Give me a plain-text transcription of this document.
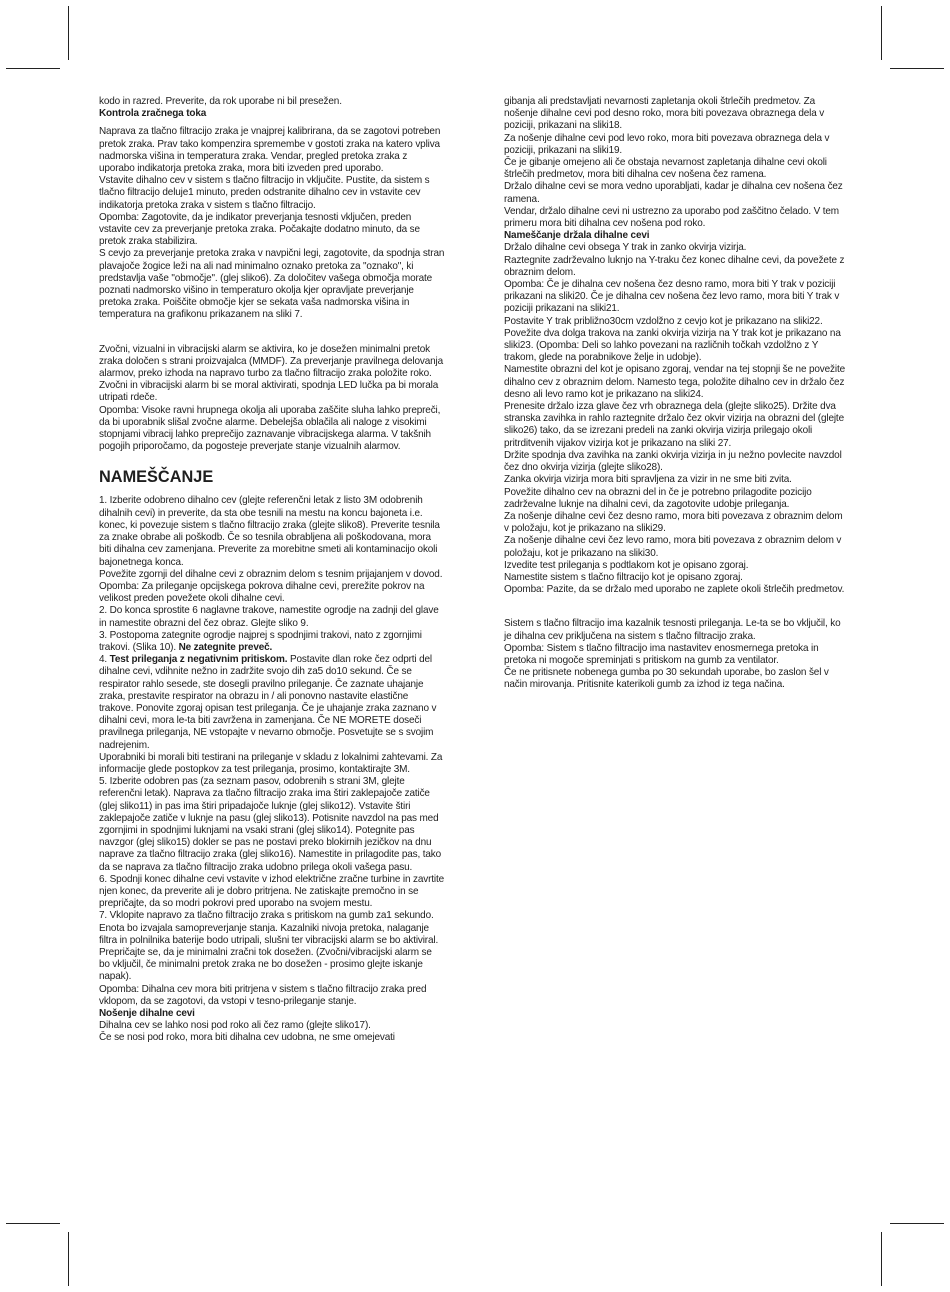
kodo in razred. Preverite, da rok uporabe ni bil presežen.

Kontrola zračnega toka

Naprava za tlačno filtracijo zraka je vnajprej kalibrirana, da se zagotovi potreben pretok zraka. Prav tako kompenzira spremembe v gostoti zraka na katero vpliva nadmorska višina in temperatura zraka. Vendar, pregled pretoka zraka z uporabo indikatorja pretoka zraka, mora biti izveden pred uporabo.

Vstavite dihalno cev v sistem s tlačno filtracijo in vključite. Pustite, da sistem s tlačno filtracijo deluje1 minuto, preden odstranite dihalno cev in vstavite cev indikatorja pretoka zraka v sistem s tlačno filtracijo.

Opomba: Zagotovite, da je indikator preverjanja tesnosti vključen, preden vstavite cev za preverjanje pretoka zraka. Počakajte dodatno minuto, da se pretok zraka stabilizira.

S cevjo za preverjanje pretoka zraka v navpični legi, zagotovite, da spodnja stran plavajoče žogice leži na ali nad minimalno oznako pretoka za "oznako", ki predstavlja vaše "območje". (glej sliko6). Za določitev vašega območja morate poznati nadmorsko višino in temperaturo okolja kjer opravljate preverjanje pretoka zraka. Poiščite območje kjer se sekata vaša nadmorska višina in temperatura na grafikonu prikazanem na sliki 7.

Zvočni, vizualni in vibracijski alarm se aktivira, ko je dosežen minimalni pretok zraka določen s strani proizvajalca (MMDF). Za preverjanje pravilnega delovanja alarmov, preko izhoda na napravo turbo za tlačno filtracijo zraka položite roko. Zvočni in vibracijski alarm bi se moral aktivirati, spodnja LED lučka pa bi morala utripati rdeče.

Opomba: Visoke ravni hrupnega okolja ali uporaba zaščite sluha lahko prepreči, da bi uporabnik slišal zvočne alarme. Debelejša oblačila ali naloge z visokimi stopnjami vibracij lahko preprečijo zaznavanje vibracijskega alarma. V takšnih pogojih priporočamo, da pogosteje preverjate stanje vizualnih alarmov.

NAMEŠČANJE

1. Izberite odobreno dihalno cev (glejte referenčni letak z listo 3M odobrenih dihalnih cevi) in preverite, da sta obe tesnili na mestu na koncu bajoneta i.e. konec, ki povezuje sistem s tlačno filtracijo zraka (glejte sliko8). Preverite tesnila za znake obrabe ali poškodb. Če so tesnila obrabljena ali poškodovana, mora biti dihalna cev zamenjana. Preverite za morebitne smeti ali kontaminacijo okoli bajonetnega konca.

Povežite zgornji del dihalne cevi z obraznim delom s tesnim prijajanjem v dovod.

Opomba: Za prileganje opcijskega pokrova dihalne cevi, prerežite pokrov na velikost preden povežete okoli dihalne cevi.

2. Do konca sprostite 6 naglavne trakove, namestite ogrodje na zadnji del glave in namestite obrazni del čez obraz. Glejte sliko 9.

3. Postopoma zategnite ogrodje najprej s spodnjimi trakovi, nato z zgornjimi trakovi. (Slika 10). Ne zategnite preveč.

4. Test prileganja z negativnim pritiskom. Postavite dlan roke čez odprti del dihalne cevi, vdihnite nežno in zadržite svojo dih za5 do10 sekund. Če se respirator rahlo sesede, ste dosegli pravilno prileganje. Če zaznate uhajanje zraka, prestavite respirator na obrazu in / ali ponovno nastavite elastične trakove. Ponovite zgoraj opisan test prileganja. Če je uhajanje zraka zaznano v dihalni cevi, mora le-ta biti zavržena in zamenjana. Če NE MORETE doseči pravilnega prileganja, NE vstopajte v nevarno območje. Posvetujte se s svojim nadrejenim.

Uporabniki bi morali biti testirani na prileganje v skladu z lokalnimi zahtevami. Za informacije glede postopkov za test prileganja, prosimo, kontaktirajte 3M.

5. Izberite odobren pas (za seznam pasov, odobrenih s strani 3M, glejte referenčni letak). Naprava za tlačno filtracijo zraka ima štiri zaklepajoče zatiče (glej sliko11) in pas ima štiri pripadajoče luknje (glej sliko12). Vstavite štiri zaklepajoče zatiče v luknje na pasu (glej sliko13). Potisnite navzdol na pas med zgornjimi in spodnjimi luknjami na vsaki strani (glej sliko14). Potegnite pas navzgor (glej sliko15) dokler se pas ne postavi preko blokirnih jezičkov na dnu naprave za tlačno filtracijo zraka (glej sliko16). Namestite in prilagodite pas, tako da se naprava za tlačno filtracijo zraka udobno prilega okoli vašega pasu.

6. Spodnji konec dihalne cevi vstavite v izhod električne zračne turbine in zavrtite njen konec, da preverite ali je dobro pritrjena. Ne zatiskajte premočno in se prepričajte, da so modri pokrovi pred uporabo na svojem mestu.

7. Vklopite napravo za tlačno filtracijo zraka s pritiskom na gumb za1 sekundo. Enota bo izvajala samopreverjanje stanja. Kazalniki nivoja pretoka, nalaganje filtra in polnilnika baterije bodo utripali, slušni ter vibracijski alarm se bo aktiviral. Prepričajte se, da je minimalni zračni tok dosežen. (Zvočni/vibracijski alarm se bo vključil, če minimalni pretok zraka ne bo dosežen - prosimo glejte iskanje napak).

Opomba: Dihalna cev mora biti pritrjena v sistem s tlačno filtracijo zraka pred vklopom, da se zagotovi, da vstopi v tesno-prileganje stanje.

Nošenje dihalne cevi

Dihalna cev se lahko nosi pod roko ali čez ramo (glejte sliko17).

Če se nosi pod roko, mora biti dihalna cev udobna, ne sme omejevati

gibanja ali predstavljati nevarnosti zapletanja okoli štrlečih predmetov. Za nošenje dihalne cevi pod desno roko, mora biti povezava obraznega dela v poziciji, prikazani na sliki18.

Za nošenje dihalne cevi pod levo roko, mora biti povezava obraznega dela v poziciji, prikazani na sliki19.

Če je gibanje omejeno ali če obstaja nevarnost zapletanja dihalne cevi okoli štrlečih predmetov, mora biti dihalna cev nošena čez ramena.

Držalo dihalne cevi se mora vedno uporabljati, kadar je dihalna cev nošena čez ramena.

Vendar, držalo dihalne cevi ni ustrezno za uporabo pod zaščitno čelado. V tem primeru mora biti dihalna cev nošena pod roko.

Nameščanje držala dihalne cevi

Držalo dihalne cevi obsega Y trak in zanko okvirja vizirja.

Raztegnite zadrževalno luknjo na Y-traku čez konec dihalne cevi, da povežete z obraznim delom.

Opomba: Če je dihalna cev nošena čez desno ramo, mora biti Y trak v poziciji prikazani na sliki20. Če je dihalna cev nošena čez levo ramo, mora biti Y trak v poziciji prikazani na sliki21.

Postavite Y trak približno30cm vzdolžno z cevjo kot je prikazano na sliki22.

Povežite dva dolga trakova na zanki okvirja vizirja na Y trak kot je prikazano na sliki23. (Opomba: Deli so lahko povezani na različnih točkah vzdolžno z Y trakom, glede na porabnikove želje in udobje).

Namestite obrazni del kot je opisano zgoraj, vendar na tej stopnji še ne povežite dihalno cev z obraznim delom. Namesto tega, položite dihalno cev in držalo čez desno ali levo ramo kot je prikazano na sliki24.

Prenesite držalo izza glave čez vrh obraznega dela (glejte sliko25). Držite dva stranska zavihka in rahlo raztegnite držalo čez okvir vizirja na obrazni del (glejte sliko26) tako, da se izrezani predeli na zanki okvirja vizirja prilegajo okoli pritrditvenih vijakov vizirja kot je prikazano na sliki 27.

Držite spodnja dva zavihka na zanki okvirja vizirja in ju nežno povlecite navzdol čez dno okvirja vizirja (glejte sliko28).

Zanka okvirja vizirja mora biti spravljena za vizir in ne sme biti zvita.

Povežite dihalno cev na obrazni del in če je potrebno prilagodite pozicijo zadrževalne luknje na dihalni cevi, da zagotovite udobje prileganja.

Za nošenje dihalne cevi čez desno ramo, mora biti povezava z obraznim delom v položaju, kot je prikazano na sliki29.

Za nošenje dihalne cevi čez levo ramo, mora biti povezava z obraznim delom v položaju, kot je prikazano na sliki30.

Izvedite test prileganja s podtlakom kot je opisano zgoraj.

Namestite sistem s tlačno filtracijo kot je opisano zgoraj.

Opomba: Pazite, da se držalo med uporabo ne zaplete okoli štrlečih predmetov.

Sistem s tlačno filtracijo ima kazalnik tesnosti prileganja. Le-ta se bo vključil, ko je dihalna cev priključena na sistem s tlačno filtracijo zraka.

Opomba: Sistem s tlačno filtracijo ima nastavitev enosmernega pretoka in pretoka ni mogoče spreminjati s pritiskom na gumb za ventilator.

Če ne pritisnete nobenega gumba po 30 sekundah uporabe, bo zaslon šel v način mirovanja. Pritisnite katerikoli gumb za izhod iz tega načina.
